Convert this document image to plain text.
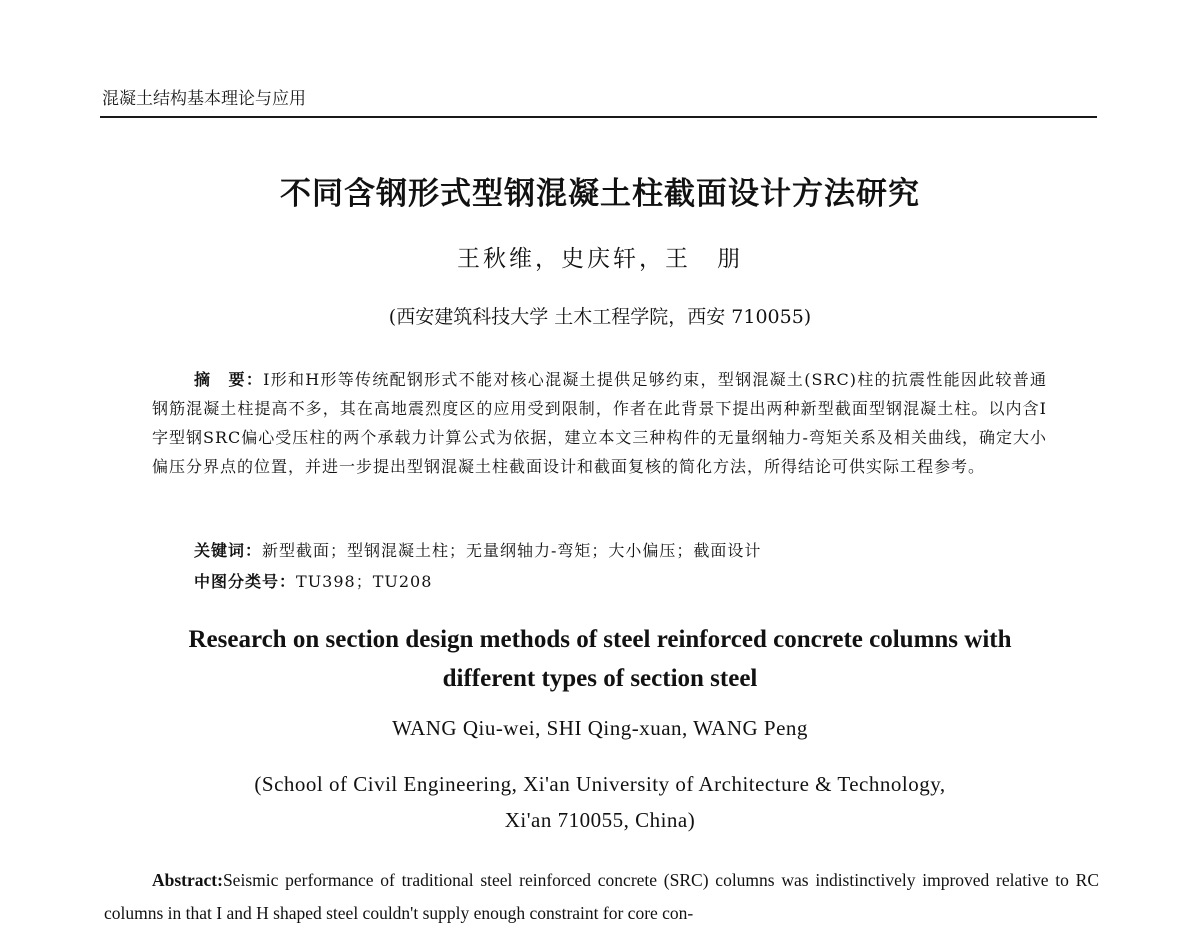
混凝土结构基本理论与应用
不同含钢形式型钢混凝土柱截面设计方法研究
王秋维，史庆轩，王　朋
(西安建筑科技大学 土木工程学院，西安 710055)
摘　要：Ⅰ形和H形等传统配钢形式不能对核心混凝土提供足够约束，型钢混凝土(SRC)柱的抗震性能因此较普通钢筋混凝土柱提高不多，其在高地震烈度区的应用受到限制，作者在此背景下提出两种新型截面型钢混凝土柱。以内含Ⅰ字型钢SRC偏心受压柱的两个承载力计算公式为依据，建立本文三种构件的无量纲轴力-弯矩关系及相关曲线，确定大小偏压分界点的位置，并进一步提出型钢混凝土柱截面设计和截面复核的简化方法，所得结论可供实际工程参考。
关键词：新型截面；型钢混凝土柱；无量纲轴力-弯矩；大小偏压；截面设计
中图分类号：TU398；TU208
Research on section design methods of steel reinforced concrete columns with
different types of section steel
WANG Qiu-wei, SHI Qing-xuan, WANG Peng
(School of Civil Engineering, Xi'an University of Architecture & Technology,
Xi'an 710055, China)
Abstract:Seismic performance of traditional steel reinforced concrete (SRC) columns was indistinctively improved relative to RC columns in that I and H shaped steel couldn't supply enough constraint for core con-
